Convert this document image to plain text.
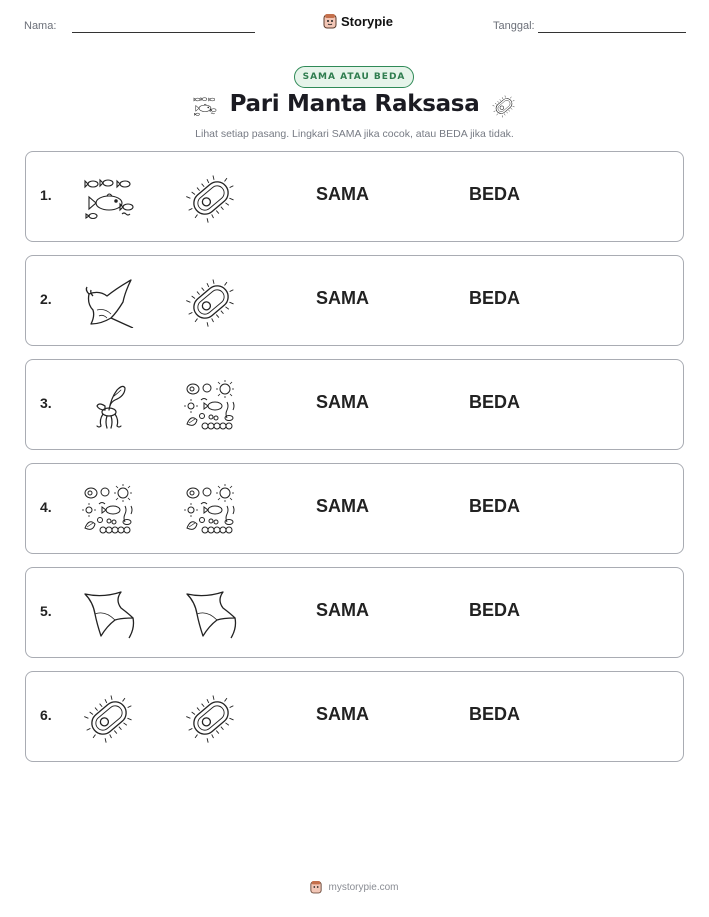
Nama:	Storypie	Tanggal:
SAMA ATAU BEDA
Pari Manta Raksasa
Lihat setiap pasang. Lingkari SAMA jika cocok, atau BEDA jika tidak.
1.	SAMA	BEDA
2.	SAMA	BEDA
3.	SAMA	BEDA
4.	SAMA	BEDA
5.	SAMA	BEDA
6.	SAMA	BEDA
mystorypie.com
